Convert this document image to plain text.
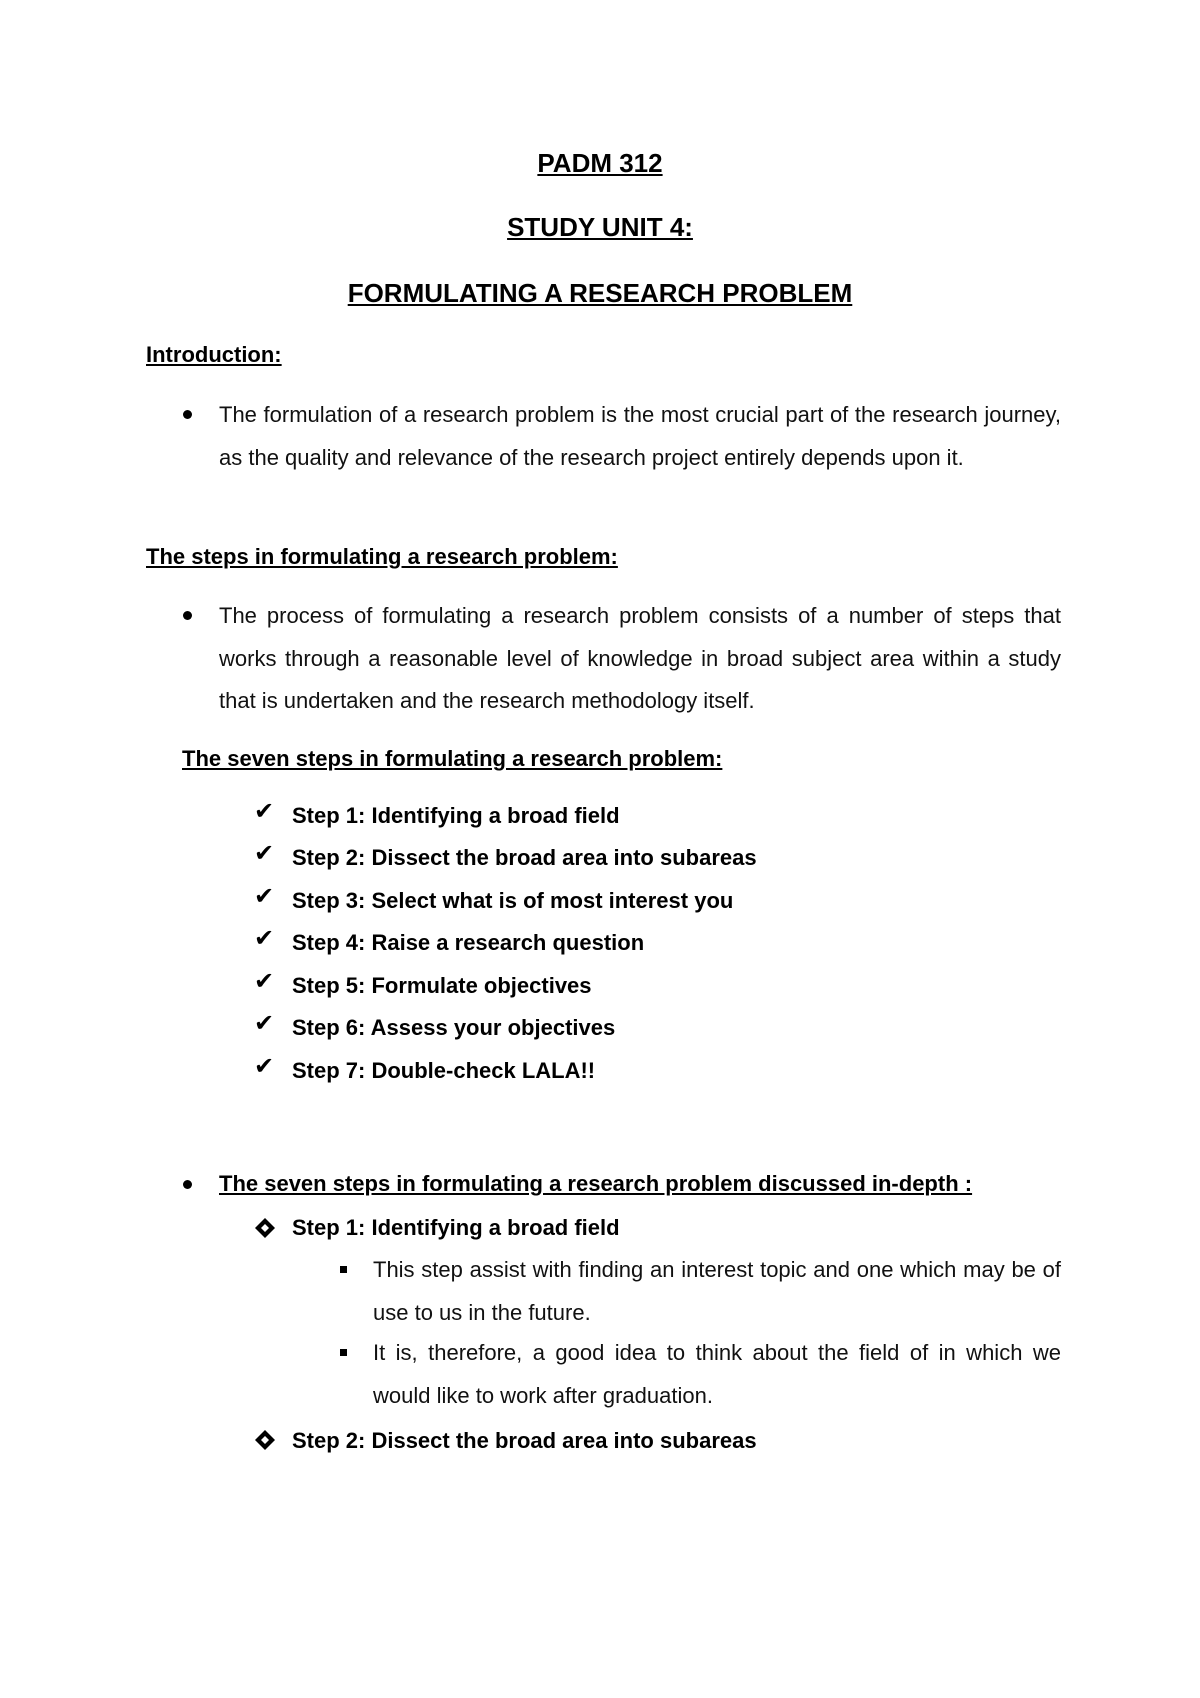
PADM 312

STUDY UNIT 4:

FORMULATING A RESEARCH PROBLEM

Introduction:

The formulation of a research problem is the most crucial part of the research journey, as the quality and relevance of the research project entirely depends upon it.

The steps in formulating a research problem:

The process of formulating a research problem consists of a number of steps that works through a reasonable level of knowledge in broad subject area within a study that is undertaken and the research methodology itself.

The seven steps in formulating a research problem:

✔ Step 1: Identifying a broad field

✔ Step 2: Dissect the broad area into subareas

✔ Step 3: Select what is of most interest you

✔ Step 4: Raise a research question

✔ Step 5: Formulate objectives

✔ Step 6: Assess your objectives

✔ Step 7: Double-check LALA!!

The seven steps in formulating a research problem discussed in-depth :

Step 1: Identifying a broad field

This step assist with finding an interest topic and one which may be of use to us in the future.

It is, therefore, a good idea to think about the field of in which we would like to work after graduation.

Step 2: Dissect the broad area into subareas
